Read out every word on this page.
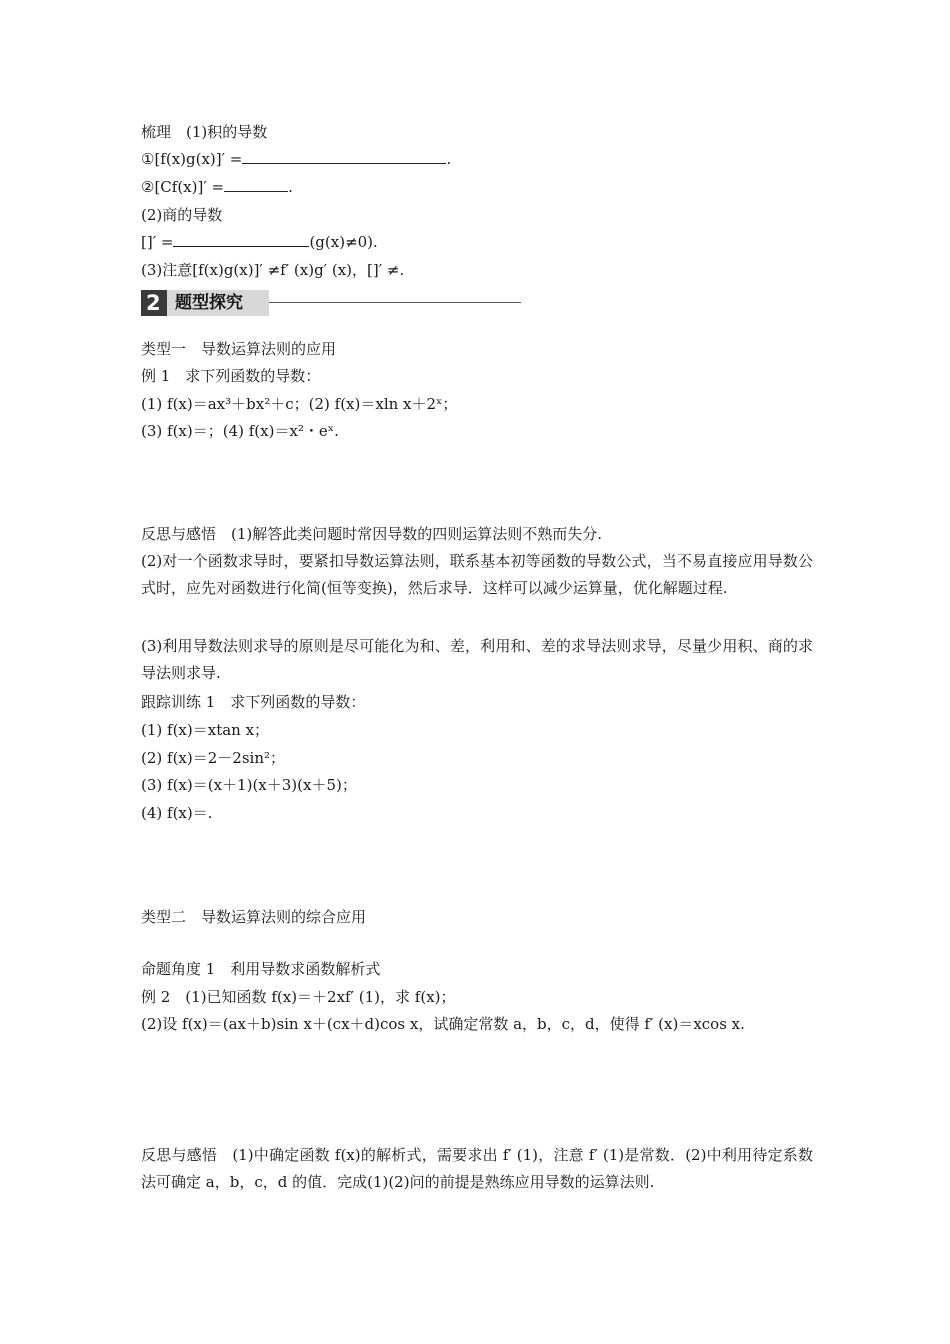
梳理　(1)积的导数
①[f(x)g(x)]′ =	.
②[Cf(x)]′ =	.
(2)商的导数
[]′ =	(g(x)≠0).
(3)注意[f(x)g(x)]′ ≠f′ (x)g′ (x)，[]′ ≠.
2 题型探究
类型一　导数运算法则的应用
例 1　求下列函数的导数：
(1) f(x)＝ax³＋bx²＋c；(2) f(x)＝xln x＋2ˣ；
(3) f(x)＝；(4) f(x)＝x²・eˣ.
反思与感悟　(1)解答此类问题时常因导数的四则运算法则不熟而失分.
(2)对一个函数求导时，要紧扣导数运算法则，联系基本初等函数的导数公式，当不易直接应用导数公式时，应先对函数进行化简(恒等变换)，然后求导．这样可以减少运算量，优化解题过程.
(3)利用导数法则求导的原则是尽可能化为和、差，利用和、差的求导法则求导，尽量少用积、商的求导法则求导.
跟踪训练 1　求下列函数的导数：
(1) f(x)＝xtan x；
(2) f(x)＝2－2sin²；
(3) f(x)＝(x＋1)(x＋3)(x＋5)；
(4) f(x)＝.
类型二　导数运算法则的综合应用
命题角度 1　利用导数求函数解析式
例 2　(1)已知函数 f(x)＝＋2xf′ (1)，求 f(x)；
(2)设 f(x)＝(ax＋b)sin x＋(cx＋d)cos x，试确定常数 a，b，c，d，使得 f′ (x)＝xcos x.
反思与感悟　(1)中确定函数 f(x)的解析式，需要求出 f′ (1)，注意 f′ (1)是常数．(2)中利用待定系数法可确定 a，b，c，d 的值．完成(1)(2)问的前提是熟练应用导数的运算法则.
